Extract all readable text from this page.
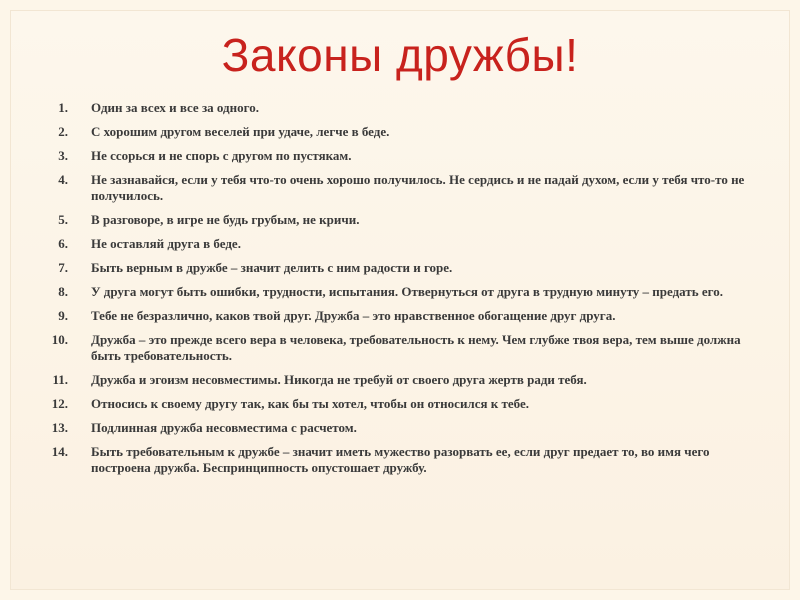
Законы дружбы!
1. Один за всех и все за одного.
2. С хорошим другом веселей при удаче, легче в беде.
3. Не ссорься и не спорь с другом по пустякам.
4. Не зазнавайся, если у тебя что-то очень хорошо получилось. Не сердись и не падай духом, если у тебя что-то не получилось.
5. В разговоре, в игре не будь грубым, не кричи.
6. Не оставляй друга в беде.
7. Быть верным в дружбе – значит делить с ним радости и горе.
8. У друга могут быть ошибки, трудности, испытания. Отвернуться от друга в трудную минуту – предать его.
9. Тебе не безразлично, каков твой друг. Дружба – это нравственное обогащение друг друга.
10. Дружба – это прежде всего вера в человека, требовательность к нему. Чем глубже твоя вера, тем выше должна быть требовательность.
11. Дружба и эгоизм несовместимы. Никогда не требуй от своего друга жертв ради тебя.
12. Относись к своему другу так, как бы ты хотел, чтобы он относился к тебе.
13. Подлинная дружба несовместима с расчетом.
14. Быть требовательным к дружбе – значит иметь мужество разорвать ее, если друг предает то, во имя чего построена дружба. Беспринципность опустошает дружбу.
